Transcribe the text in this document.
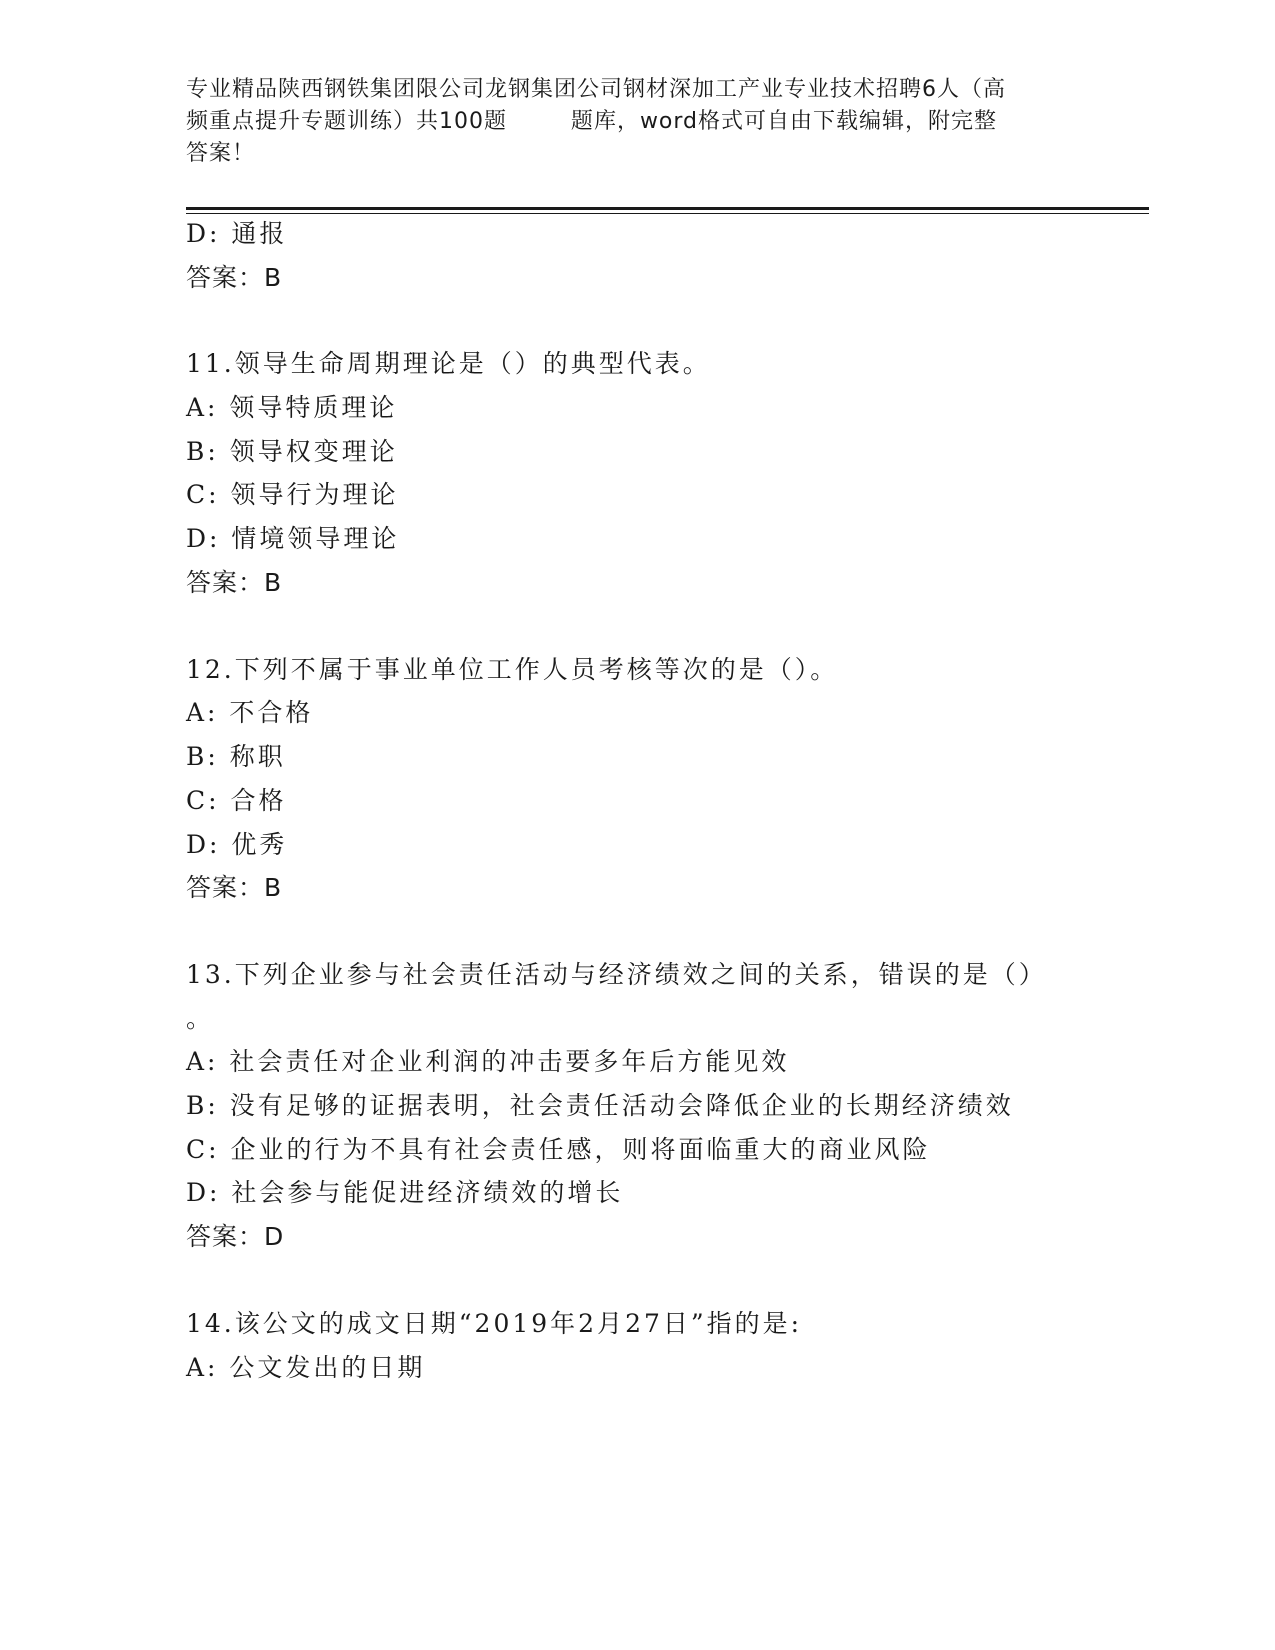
专业精品陕西钢铁集团限公司龙钢集团公司钢材深加工产业专业技术招聘6人（高
频重点提升专题训练）共100题        题库，word格式可自由下载编辑，附完整
答案！
D: 通报
答案：B
11.领导生命周期理论是（）的典型代表。
A: 领导特质理论
B: 领导权变理论
C: 领导行为理论
D: 情境领导理论
答案：B
12.下列不属于事业单位工作人员考核等次的是（）。
A: 不合格
B: 称职
C: 合格
D: 优秀
答案：B
13.下列企业参与社会责任活动与经济绩效之间的关系，错误的是（）
。
A: 社会责任对企业利润的冲击要多年后方能见效
B: 没有足够的证据表明，社会责任活动会降低企业的长期经济绩效
C: 企业的行为不具有社会责任感，则将面临重大的商业风险
D: 社会参与能促进经济绩效的增长
答案：D
14.该公文的成文日期“2019年2月27日”指的是:
A: 公文发出的日期
